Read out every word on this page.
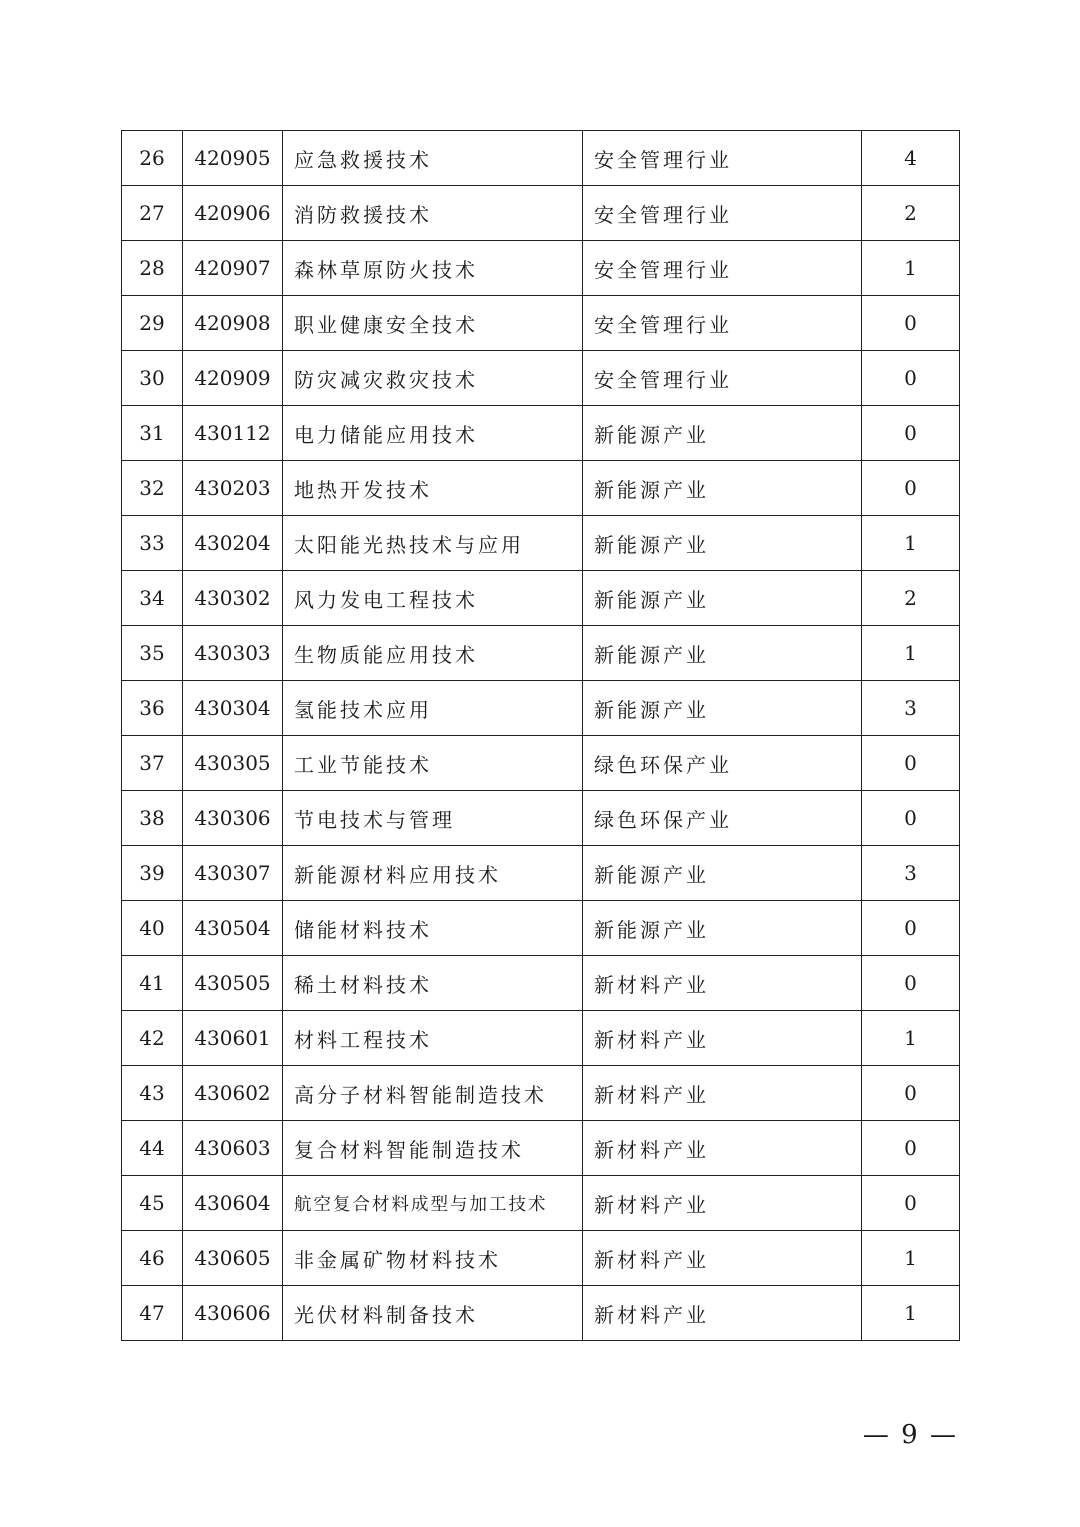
26	420905	应急救援技术	安全管理行业	4
27	420906	消防救援技术	安全管理行业	2
28	420907	森林草原防火技术	安全管理行业	1
29	420908	职业健康安全技术	安全管理行业	0
30	420909	防灾减灾救灾技术	安全管理行业	0
31	430112	电力储能应用技术	新能源产业	0
32	430203	地热开发技术	新能源产业	0
33	430204	太阳能光热技术与应用	新能源产业	1
34	430302	风力发电工程技术	新能源产业	2
35	430303	生物质能应用技术	新能源产业	1
36	430304	氢能技术应用	新能源产业	3
37	430305	工业节能技术	绿色环保产业	0
38	430306	节电技术与管理	绿色环保产业	0
39	430307	新能源材料应用技术	新能源产业	3
40	430504	储能材料技术	新能源产业	0
41	430505	稀土材料技术	新材料产业	0
42	430601	材料工程技术	新材料产业	1
43	430602	高分子材料智能制造技术	新材料产业	0
44	430603	复合材料智能制造技术	新材料产业	0
45	430604	航空复合材料成型与加工技术	新材料产业	0
46	430605	非金属矿物材料技术	新材料产业	1
47	430606	光伏材料制备技术	新材料产业	1
— 9 —
